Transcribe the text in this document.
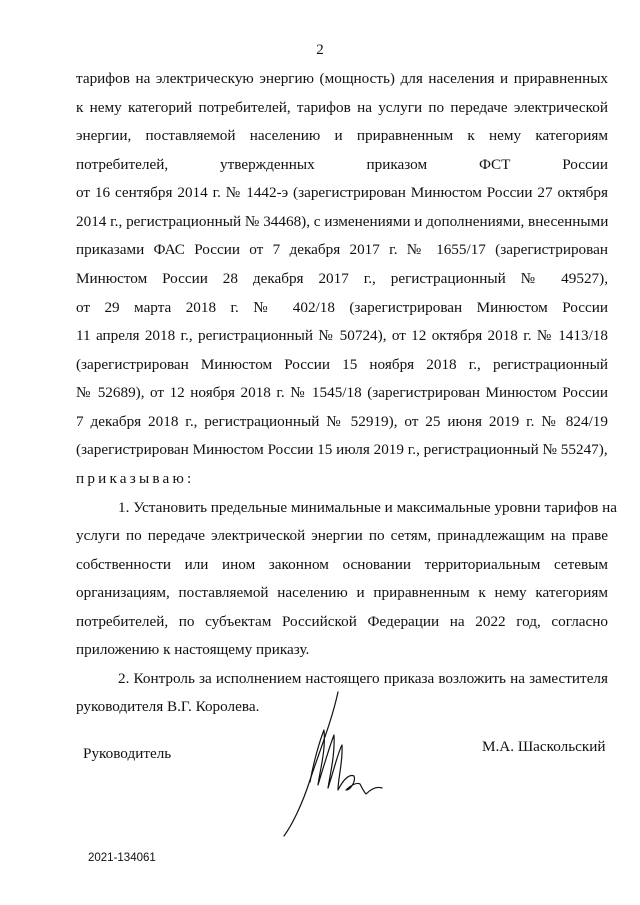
2
тарифов на электрическую энергию (мощность) для населения и приравненных
к нему категорий потребителей, тарифов на услуги по передаче электрической
энергии, поставляемой населению и приравненным к нему категориям
потребителей, утвержденных приказом ФСТ России
от 16 сентября 2014 г. № 1442-э (зарегистрирован Минюстом России 27 октября
2014 г., регистрационный № 34468), с изменениями и дополнениями, внесенными
приказами ФАС России от 7 декабря 2017 г. № 1655/17 (зарегистрирован
Минюстом России 28 декабря 2017 г., регистрационный № 49527),
от 29 марта 2018 г. № 402/18 (зарегистрирован Минюстом России
11 апреля 2018 г., регистрационный № 50724), от 12 октября 2018 г. № 1413/18
(зарегистрирован Минюстом России 15 ноября 2018 г., регистрационный
№ 52689), от 12 ноября 2018 г. № 1545/18 (зарегистрирован Минюстом России
7 декабря 2018 г., регистрационный № 52919), от 25 июня 2019 г. № 824/19
(зарегистрирован Минюстом России 15 июля 2019 г., регистрационный № 55247),
приказываю:
1. Установить предельные минимальные и максимальные уровни тарифов на
услуги по передаче электрической энергии по сетям, принадлежащим на праве
собственности или ином законном основании территориальным сетевым
организациям, поставляемой населению и приравненным к нему категориям
потребителей, по субъектам Российской Федерации на 2022 год, согласно
приложению к настоящему приказу.
2. Контроль за исполнением настоящего приказа возложить на заместителя
руководителя В.Г. Королева.
Руководитель	М.А. Шаскольский
2021-134061
